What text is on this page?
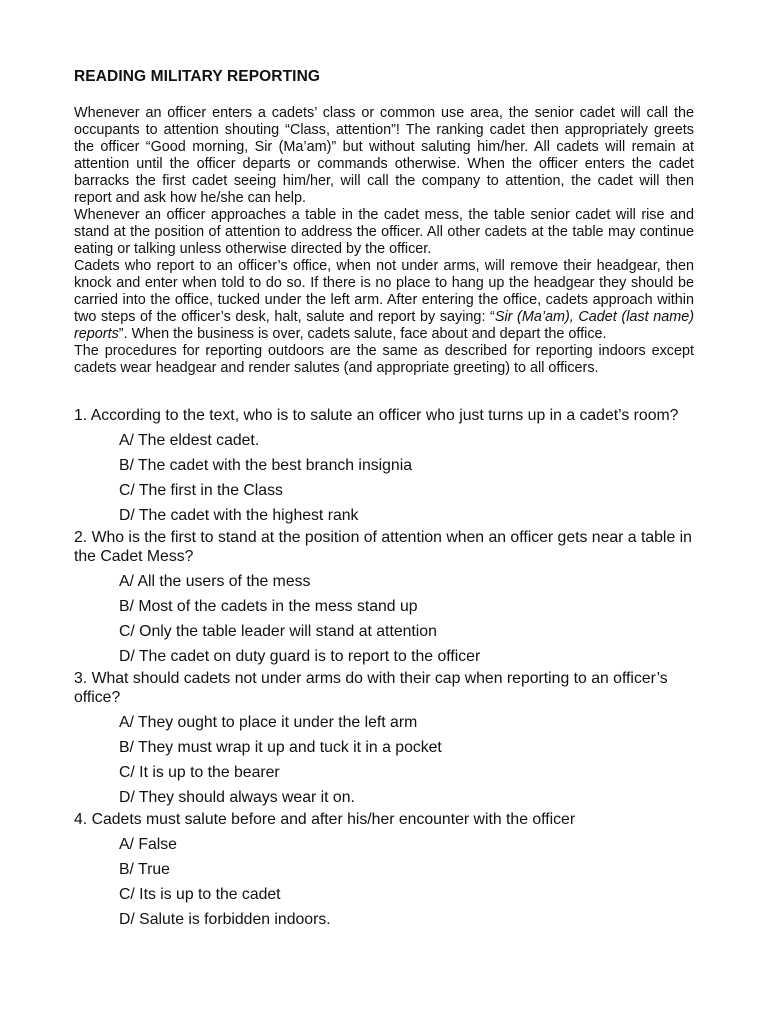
READING MILITARY REPORTING

Whenever an officer enters a cadets’ class or common use area, the senior cadet will call the occupants to attention shouting “Class, attention”! The ranking cadet then appropriately greets the officer “Good morning, Sir (Ma’am)” but without saluting him/her. All cadets will remain at attention until the officer departs or commands otherwise. When the officer enters the cadet barracks the first cadet seeing him/her, will call the company to attention, the cadet will then report and ask how he/she can help.

Whenever an officer approaches a table in the cadet mess, the table senior cadet will rise and stand at the position of attention to address the officer. All other cadets at the table may continue eating or talking unless otherwise directed by the officer.

Cadets who report to an officer’s office, when not under arms, will remove their headgear, then knock and enter when told to do so. If there is no place to hang up the headgear they should be carried into the office, tucked under the left arm. After entering the office, cadets approach within two steps of the officer’s desk, halt, salute and report by saying: “Sir (Ma’am), Cadet (last name) reports”. When the business is over, cadets salute, face about and depart the office.

The procedures for reporting outdoors are the same as described for reporting indoors except cadets wear headgear and render salutes (and appropriate greeting) to all officers.

1. According to the text, who is to salute an officer who just turns up in a cadet’s room?

A/ The eldest cadet.
B/ The cadet with the best branch insignia
C/ The first in the Class
D/ The cadet with the highest rank

2. Who is the first to stand at the position of attention when an officer gets near a table in the Cadet Mess?

A/ All the users of the mess
B/ Most of the cadets in the mess stand up
C/ Only the table leader will stand at attention
D/ The cadet on duty guard is to report to the officer

3. What should cadets not under arms do with their cap when reporting to an officer’s office?

A/ They ought to place it under the left arm
B/ They must wrap it up and tuck it in a pocket
C/ It is up to the bearer
D/ They should always wear it on.

4. Cadets must salute before and after his/her encounter with the officer

A/ False
B/ True
C/ Its is up to the cadet
D/ Salute is forbidden indoors.
